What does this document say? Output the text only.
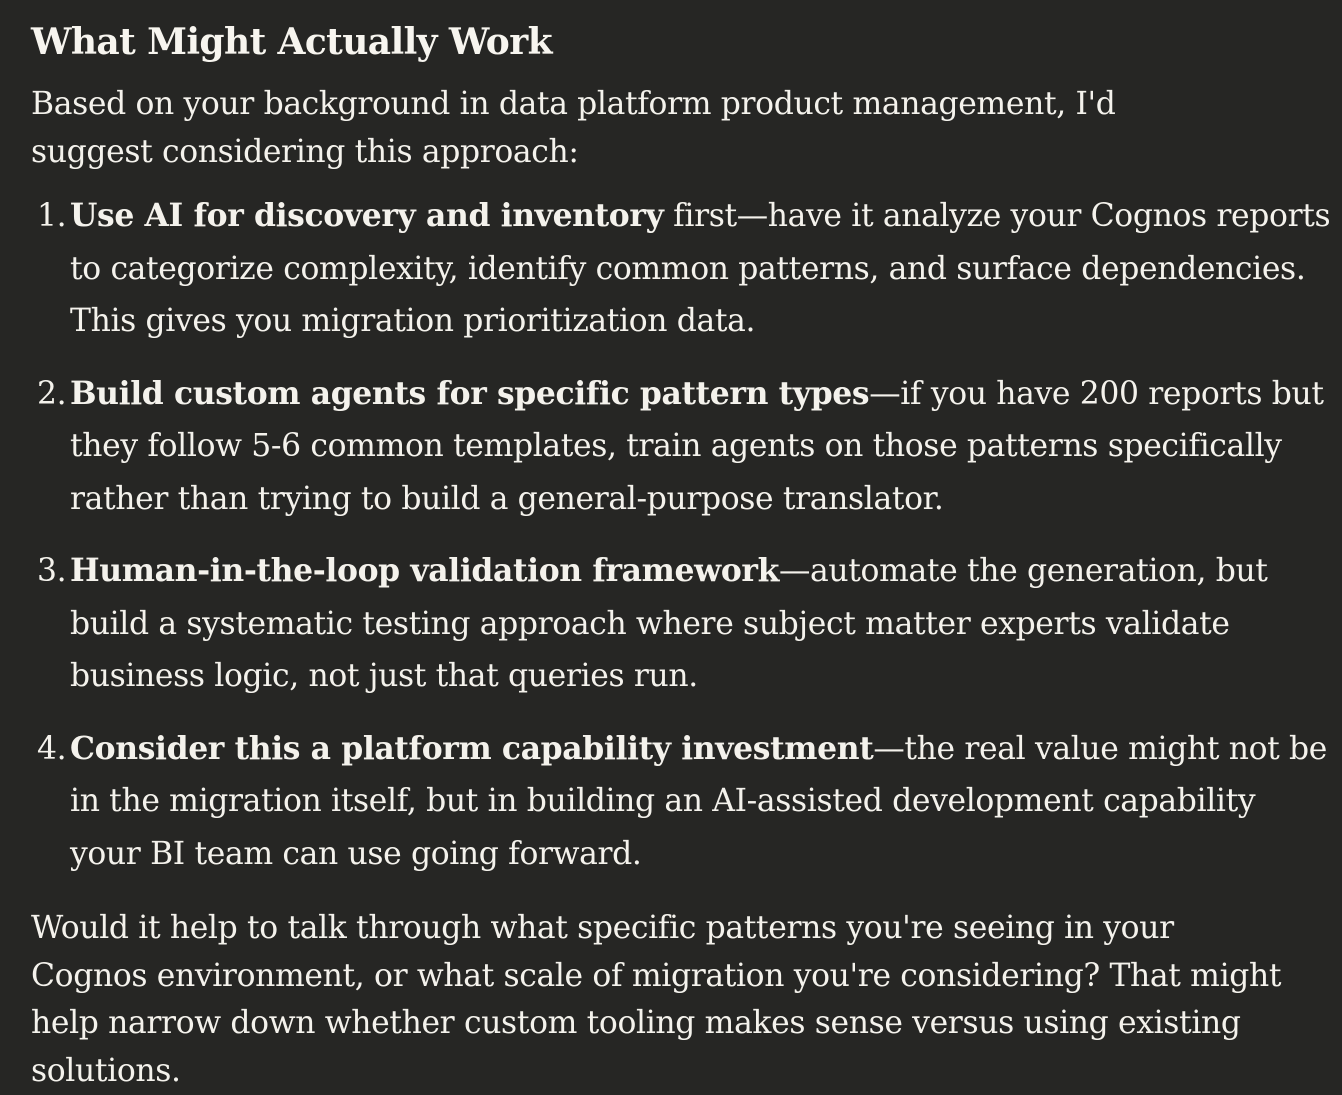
What Might Actually Work

Based on your background in data platform product management, I'd suggest considering this approach:

1. Use AI for discovery and inventory first—have it analyze your Cognos reports to categorize complexity, identify common patterns, and surface dependencies. This gives you migration prioritization data.
2. Build custom agents for specific pattern types—if you have 200 reports but they follow 5-6 common templates, train agents on those patterns specifically rather than trying to build a general-purpose translator.
3. Human-in-the-loop validation framework—automate the generation, but build a systematic testing approach where subject matter experts validate business logic, not just that queries run.
4. Consider this a platform capability investment—the real value might not be in the migration itself, but in building an AI-assisted development capability your BI team can use going forward.

Would it help to talk through what specific patterns you're seeing in your Cognos environment, or what scale of migration you're considering? That might help narrow down whether custom tooling makes sense versus using existing solutions.
